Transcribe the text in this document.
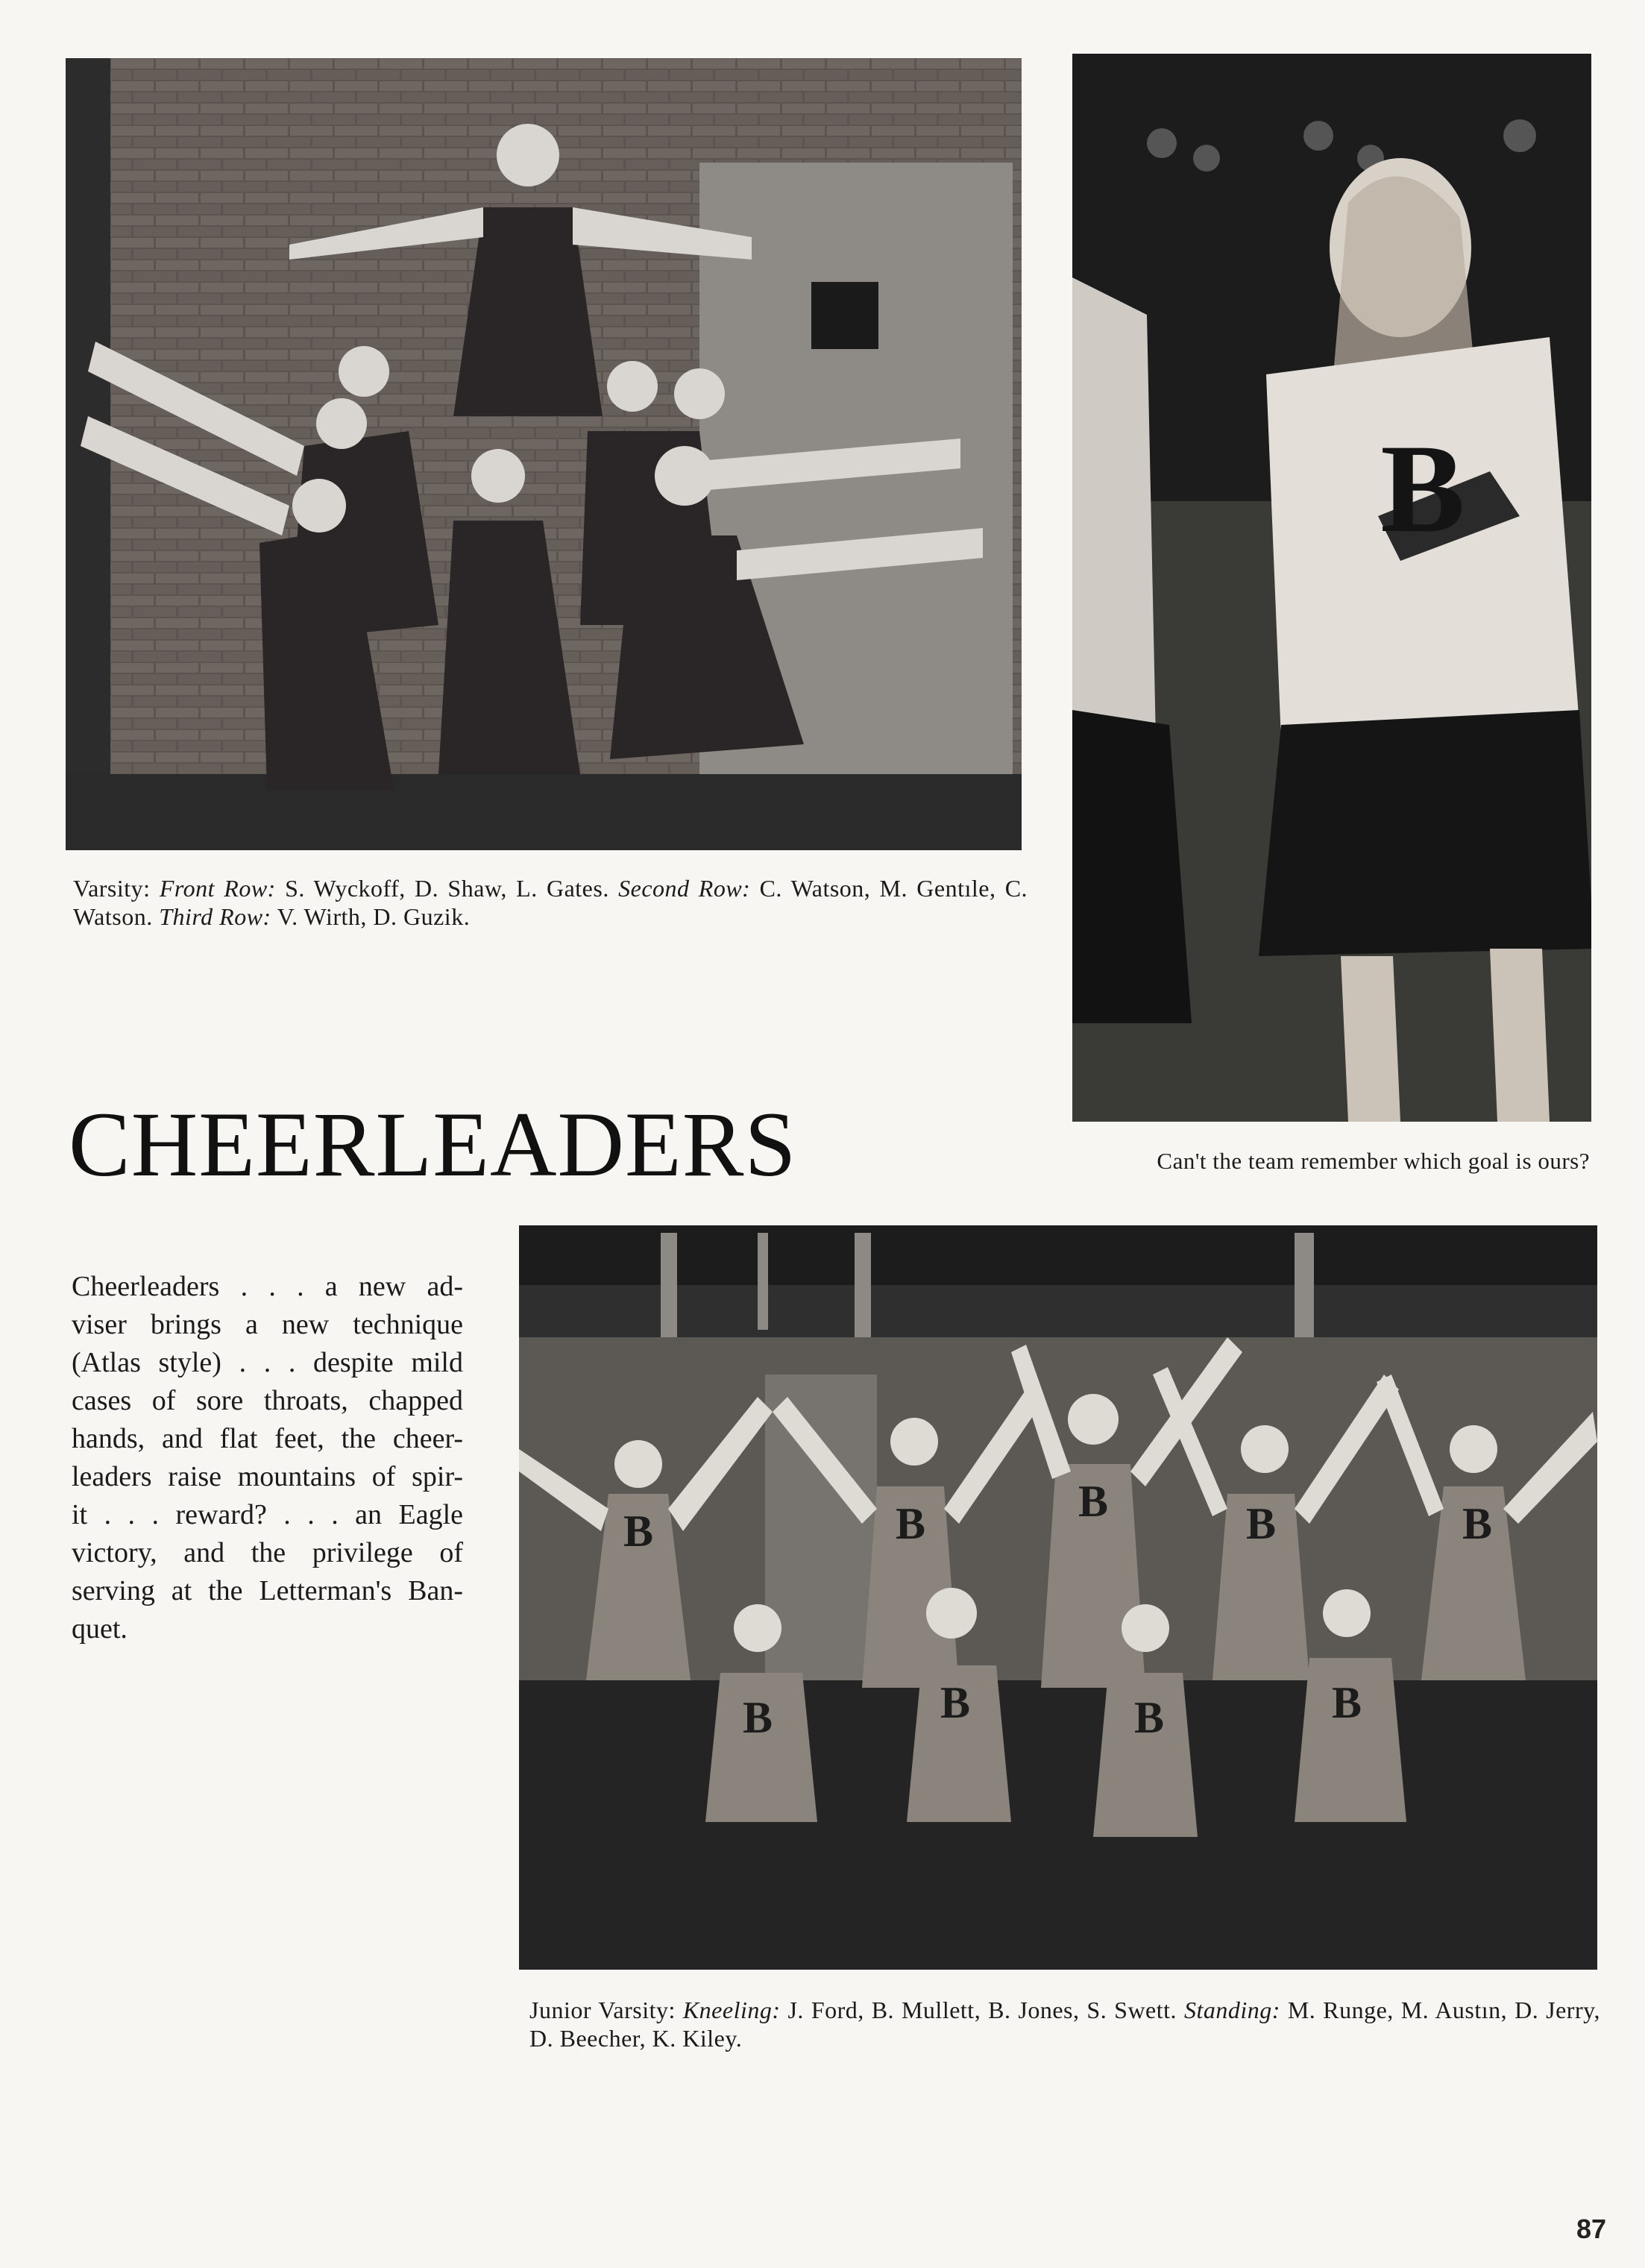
B
Varsity: Front Row: S. Wyckoff, D. Shaw, L. Gates. Second Row: C. Watson, M. Gentıle, C. Watson. Third Row: V. Wirth, D. Guzik.
CHEERLEADERS	Can't the team remember which goal is ours?
Cheerleaders . . . a new ad-
viser brings a new technique
(Atlas style) . . . despite mild
cases of sore throats, chapped
hands, and flat feet, the cheer-
leaders raise mountains of spir-
it . . . reward? . . . an Eagle
victory, and the privilege of
serving at the Letterman's Ban-
quet.
B	B	B	B	B
B	B	B	B
Junior Varsity: Kneeling: J. Ford, B. Mullett, B. Jones, S. Swett. Standing: M. Runge, M. Austın, D. Jerry, D. Beecher, K. Kiley.
87
